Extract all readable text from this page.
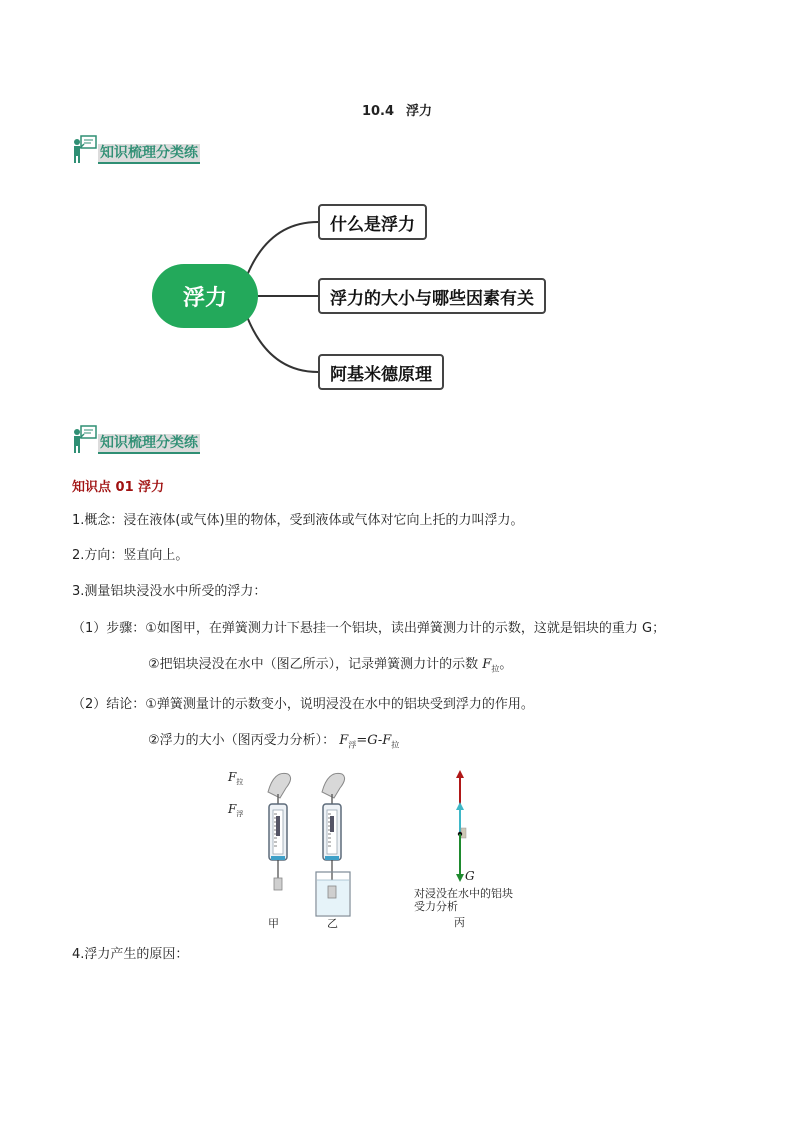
10.4 浮力
知识梳理分类练
浮力
什么是浮力
浮力的大小与哪些因素有关
阿基米德原理
知识梳理分类练
知识点 01 浮力
1.概念：浸在液体(或气体)里的物体，受到液体或气体对它向上托的力叫浮力。
2.方向：竖直向上。
3.测量铝块浸没水中所受的浮力：
（1）步骤：①如图甲，在弹簧测力计下悬挂一个铝块，读出弹簧测力计的示数，这就是铝块的重力 G；
②把铝块浸没在水中（图乙所示），记录弹簧测力计的示数 $F_拉$。
（2）结论：①弹簧测量计的示数变小，说明浸没在水中的铝块受到浮力的作用。
②浮力的大小（图丙受力分析）： $F_浮=G-F_拉$
$F_拉$
$F_浮$
G
甲	乙
对浸没在水中的铝块
受力分析
丙
4.浮力产生的原因：
